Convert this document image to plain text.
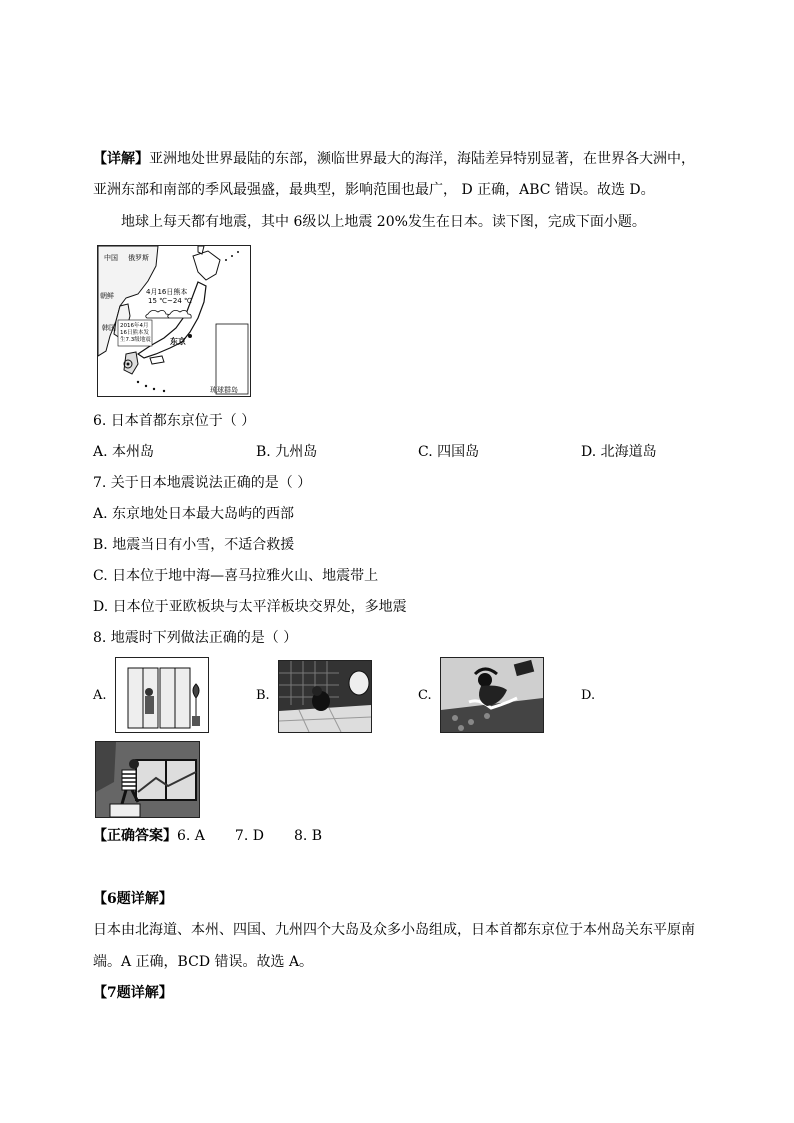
【详解】亚洲地处世界最陆的东部，濒临世界最大的海洋，海陆差异特别显著，在世界各大洲中，
亚洲东部和南部的季风最强盛，最典型，影响范围也最广， D 正确，ABC 错误。故选 D。
地球上每天都有地震，其中 6级以上地震 20%发生在日本。读下图，完成下面小题。
中国 俄罗斯
朝鲜
韩国
4月16日熊本
15 ℃~24 ℃
2016年4月
16日熊本发
生7.3级地震 东京
琉球群岛
6. 日本首都东京位于（ ）
A. 本州岛	B. 九州岛	C. 四国岛	D. 北海道岛
7. 关于日本地震说法正确的是（ ）
A. 东京地处日本最大岛屿的西部
B. 地震当日有小雪，不适合救援
C. 日本位于地中海—喜马拉雅火山、地震带上
D. 日本位于亚欧板块与太平洋板块交界处，多地震
8. 地震时下列做法正确的是（ ）
A.	B.	C.	D.
【正确答案】6. A 7. D 8. B
【6题详解】
日本由北海道、本州、四国、九州四个大岛及众多小岛组成，日本首都东京位于本州岛关东平原南
端。A 正确，BCD 错误。故选 A。
【7题详解】
